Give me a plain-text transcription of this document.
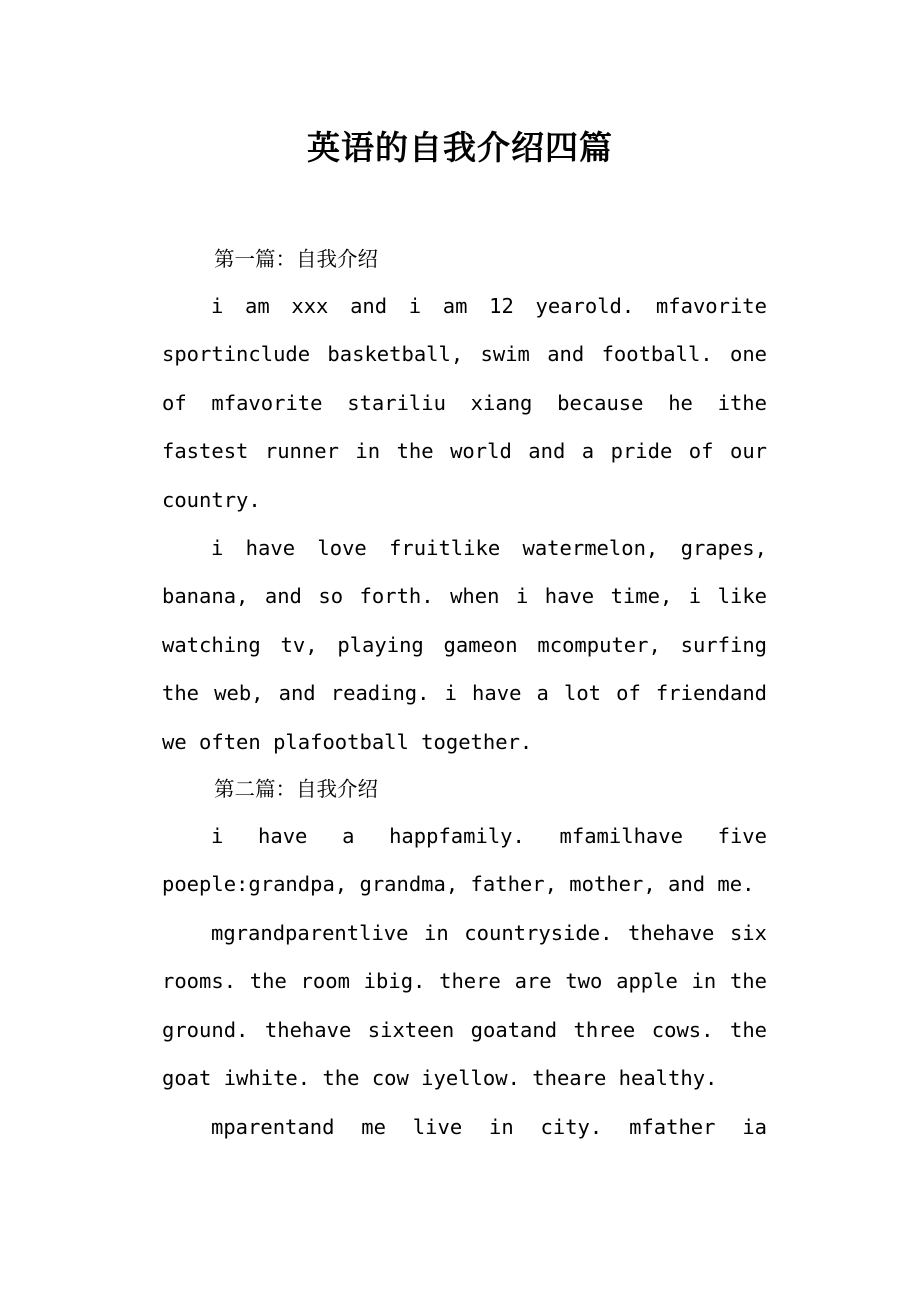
英语的自我介绍四篇
第一篇：自我介绍

i am xxx and i am 12 yearold. mfavorite sportinclude basketball, swim and football. one of mfavorite stariliu xiang because he ithe fastest runner in the world and a pride of our country.

i have love fruitlike watermelon, grapes, banana, and so forth. when i have time, i like watching tv, playing gameon mcomputer, surfing the web, and reading. i have a lot of friendand we often plafootball together.

第二篇：自我介绍

i have a happfamily. mfamilhave five poeple:grandpa, grandma, father, mother, and me.

mgrandparentlive in countryside. thehave six rooms. the room ibig. there are two apple in the ground. thehave sixteen goatand three cows. the goat iwhite. the cow iyellow. theare healthy.

mparentand me live in city. mfather ia
